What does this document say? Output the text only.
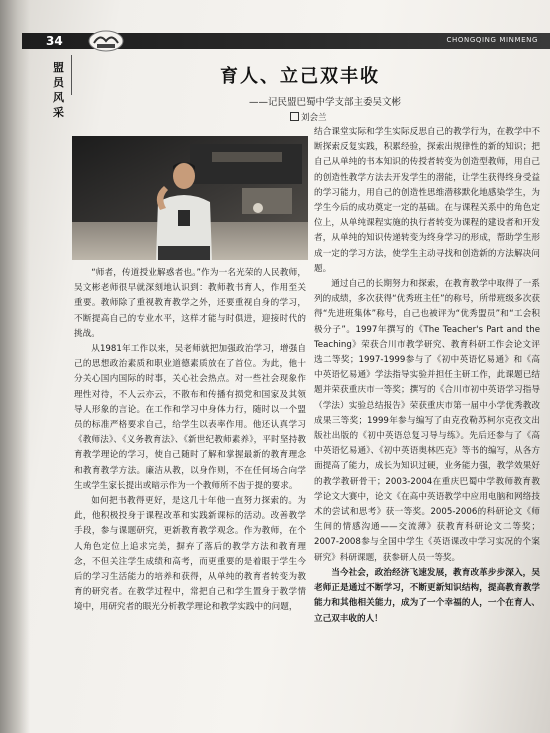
34	CHONGQING MINMENG
盟员风采
育人、立己双丰收
——记民盟巴蜀中学支部主委吴文彬
刘会兰

“师者，传道授业解惑者也。”作为一名光荣的人民教师，吴文彬老师很早就深刻地认识到：教师教书育人，作用至关重要。教师除了重视教育教学之外，还要重视自身的学习，不断提高自己的专业水平，这样才能与时俱进，迎接时代的挑战。

从1981年工作以来，吴老师就把加强政治学习，增强自己的思想政治素质和职业道德素质放在了首位。为此，他十分关心国内国际的时事，关心社会热点。对一些社会现象作理性对待，不人云亦云，不散布和传播有损党和国家及其领导人形象的言论。在工作和学习中身体力行，随时以一个盟员的标准严格要求自己，给学生以表率作用。他还认真学习《教师法》、《义务教育法》、《新世纪教师素养》，平时坚持教育教学理论的学习，使自己随时了解和掌握最新的教育理念和教育教学方法。廉洁从教，以身作则，不在任何场合向学生或学生家长提出或暗示作为一个教师所不齿于提的要求。

如何把书教得更好，是这几十年他一直努力探索的。为此，他积极投身于课程改革和实践新课标的活动。改善教学手段，参与课题研究，更新教育教学观念。作为教师，在个人角色定位上追求完美，摒弃了落后的教学方法和教育理念，不但关注学生成绩和高考，而更重要的是着眼于学生今后的学习生活能力的培养和获得，从单纯的教育者转变为教育的研究者。在教学过程中，常把自己和学生置身于教学情境中，用研究者的眼光分析教学理论和教学实践中的问题，

结合课堂实际和学生实际反思自己的教学行为，在教学中不断探索反复实践，积累经验，探索出规律性的新的知识；把自己从单纯的书本知识的传授者转变为创造型教师，用自己的创造性教学方法去开发学生的潜能，让学生获得终身受益的学习能力，用自己的创造性思维潜移默化地感染学生，为学生今后的成功奠定一定的基础。在与课程关系中的角色定位上，从单纯课程实施的执行者转变为课程的建设者和开发者，从单纯的知识传递转变为终身学习的形成，帮助学生形成一定的学习方法，使学生主动寻找和创造新的方法解决问题。

通过自己的长期努力和探索，在教育教学中取得了一系列的成绩，多次获得“优秀班主任”的称号，所带班级多次获得“先进班集体”称号，自己也被评为“优秀盟员”和“工会积极分子”。1997年撰写的《The Teacher's Part and the Teaching》荣获合川市教学研究、教育科研工作会论文评选二等奖；1997-1999参与了《初中英语忆易通》和《高中英语忆易通》学法指导实验并担任主研工作，此课题已结题并荣获重庆市一等奖；撰写的《合川市初中英语学习指导（学法）实验总结报告》荣获重庆市第一届中小学优秀教改成果三等奖；1999年参与编写了由克孜勒苏柯尔克孜文出版社出版的《初中英语总复习导与练》。先后还参与了《高中英语忆易通》、《初中英语奥林匹克》等书的编写，从各方面提高了能力，成长为知识过硬，业务能力强，教学效果好的教学教研骨干；2003-2004在重庆巴蜀中学教师教育教学论文大赛中，论文《在高中英语教学中应用电脑和网络技术的尝试和思考》获一等奖。2005-2006的科研论文《师生间的情感沟通——交流薄》获教育科研论文二等奖；2007-2008参与全国中学生《英语课改中学习实况的个案研究》科研课题，获参研人员一等奖。

当今社会，政治经济飞速发展，教育改革步步深入，吴老师正是通过不断学习，不断更新知识结构，提高教育教学能力和其他相关能力，成为了一个幸福的人，一个在育人、立己双丰收的人！
